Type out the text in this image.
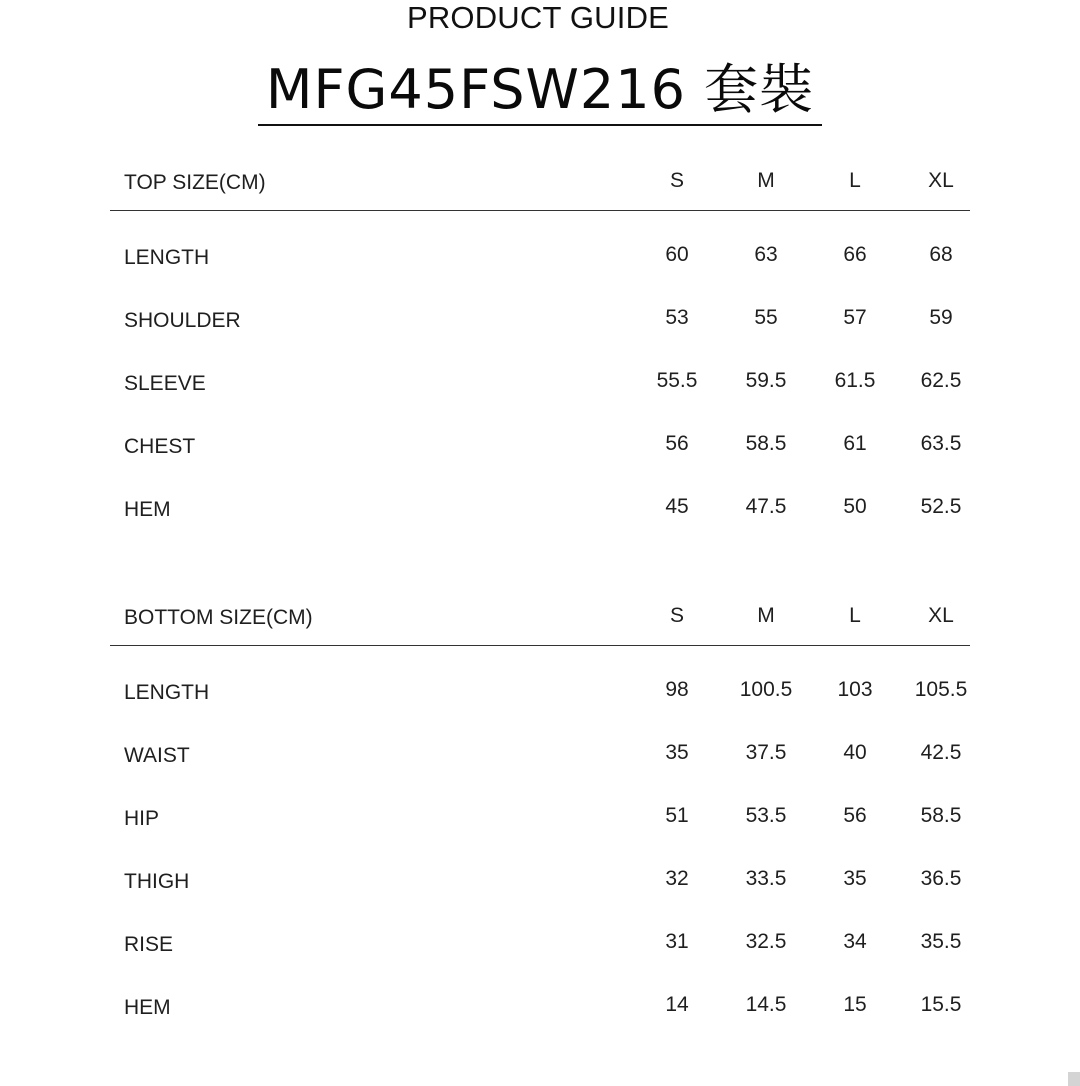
PRODUCT GUIDE
MFG45FSW216 套裝
TOP SIZE(CM)	S	M	L	XL
LENGTH	60	63	66	68
SHOULDER	53	55	57	59
SLEEVE	55.5	59.5	61.5	62.5
CHEST	56	58.5	61	63.5
HEM	45	47.5	50	52.5
BOTTOM SIZE(CM)	S	M	L	XL
LENGTH	98	100.5	103	105.5
WAIST	35	37.5	40	42.5
HIP	51	53.5	56	58.5
THIGH	32	33.5	35	36.5
RISE	31	32.5	34	35.5
HEM	14	14.5	15	15.5
